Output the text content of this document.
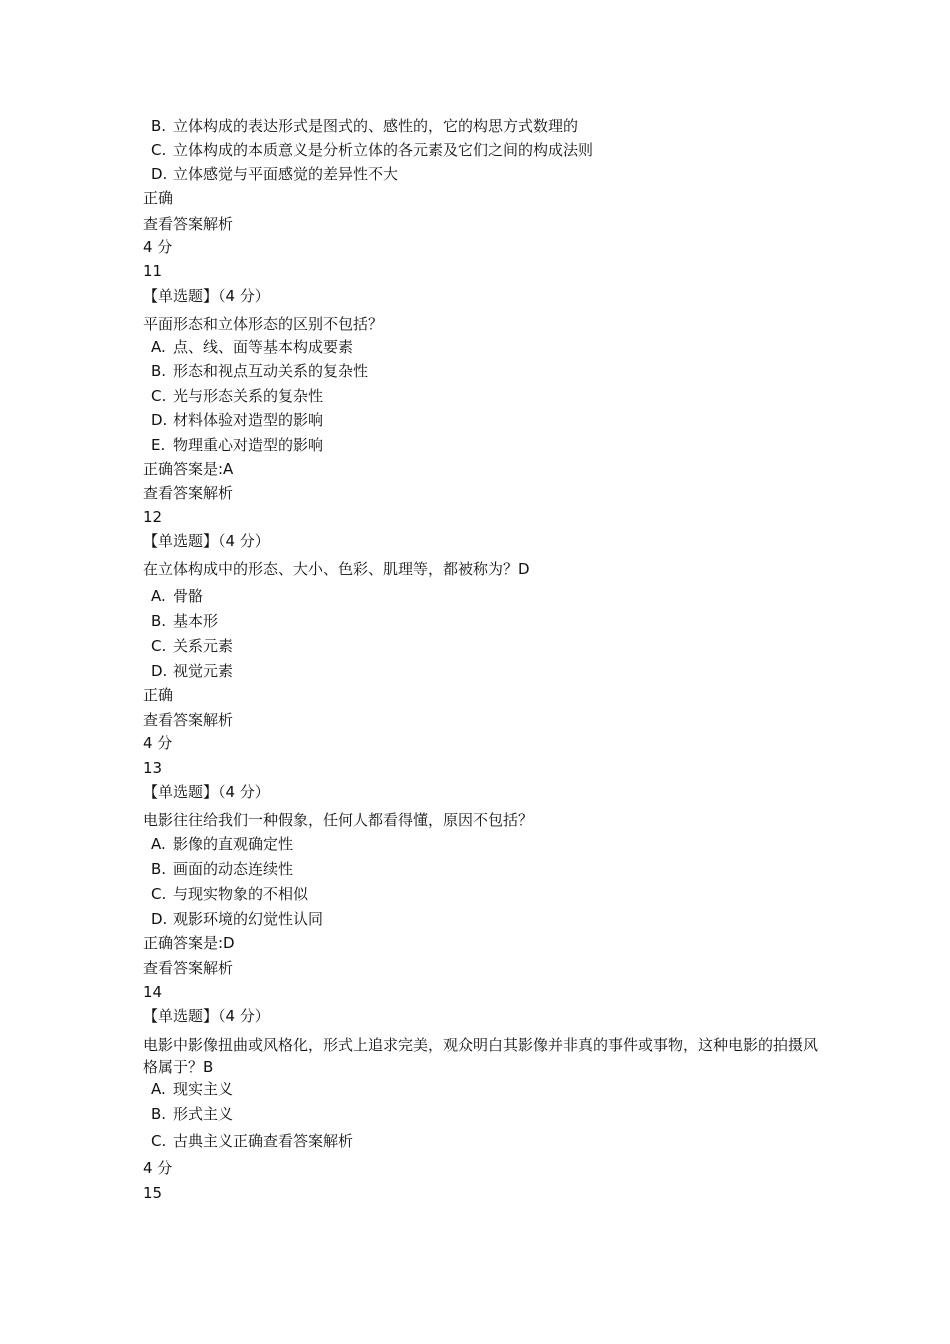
B. 立体构成的表达形式是图式的、感性的，它的构思方式数理的
C. 立体构成的本质意义是分析立体的各元素及它们之间的构成法则
D. 立体感觉与平面感觉的差异性不大
正确
查看答案解析
4 分
11
【单选题】（4 分）
平面形态和立体形态的区别不包括？
A. 点、线、面等基本构成要素
B. 形态和视点互动关系的复杂性
C. 光与形态关系的复杂性
D. 材料体验对造型的影响
E. 物理重心对造型的影响
正确答案是:A
查看答案解析
12
【单选题】（4 分）
在立体构成中的形态、大小、色彩、肌理等，都被称为？D
A. 骨骼
B. 基本形
C. 关系元素
D. 视觉元素
正确
查看答案解析
4 分
13
【单选题】（4 分）
电影往往给我们一种假象，任何人都看得懂，原因不包括？
A. 影像的直观确定性
B. 画面的动态连续性
C. 与现实物象的不相似
D. 观影环境的幻觉性认同
正确答案是:D
查看答案解析
14
【单选题】（4 分）
电影中影像扭曲或风格化，形式上追求完美，观众明白其影像并非真的事件或事物，这种电影的拍摄风格属于？B
A. 现实主义
B. 形式主义
C. 古典主义正确查看答案解析
4 分
15
